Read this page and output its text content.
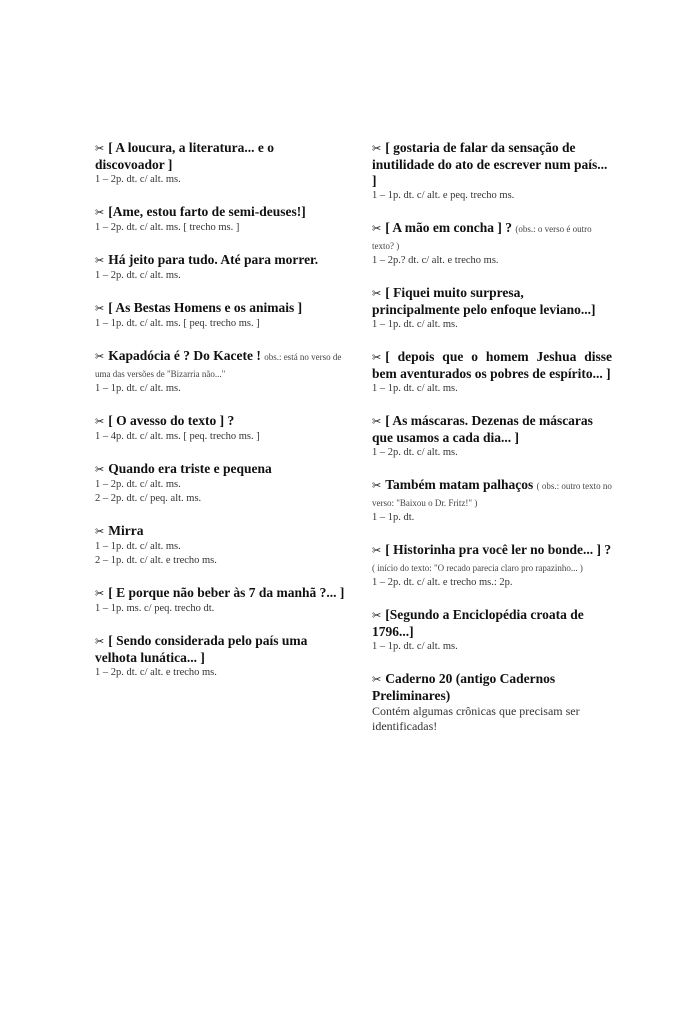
✂ [ A loucura, a literatura... e o discovoador ]
1 – 2p. dt. c/ alt. ms.
✂ [Ame, estou farto de semi-deuses!]
1 – 2p. dt. c/ alt. ms. [ trecho ms. ]
✂ Há jeito para tudo. Até para morrer.
1 – 2p. dt. c/ alt. ms.
✂ [ As Bestas Homens e os animais ]
1 – 1p. dt. c/ alt. ms. [ peq. trecho ms. ]
✂ Kapadócia é ? Do Kacete ! obs.: está no verso de uma das versões de "Bizarria não..."
1 – 1p. dt. c/ alt. ms.
✂ [ O avesso do texto ] ?
1 – 4p. dt. c/ alt. ms. [ peq. trecho ms. ]
✂ Quando era triste e pequena
1 – 2p. dt. c/ alt. ms.
2 – 2p. dt. c/ peq. alt. ms.
✂ Mirra
1 – 1p. dt. c/ alt. ms.
2 – 1p. dt. c/ alt. e trecho ms.
✂ [ E porque não beber às 7 da manhã ?... ]
1 – 1p. ms. c/ peq. trecho dt.
✂ [ Sendo considerada pelo país uma velhota lunática... ]
1 – 2p. dt. c/ alt. e trecho ms.
✂ [ gostaria de falar da sensação de inutilidade do ato de escrever num país... ]
1 – 1p. dt. c/ alt. e peq. trecho ms.
✂ [ A mão em concha ] ? (obs.: o verso é outro texto? )
1 – 2p.? dt. c/ alt. e trecho ms.
✂ [ Fiquei muito surpresa, principalmente pelo enfoque leviano...]
1 – 1p. dt. c/ alt. ms.
✂ [ depois que o homem Jeshua disse bem aventurados os pobres de espírito... ]
1 – 1p. dt. c/ alt. ms.
✂ [ As máscaras. Dezenas de máscaras que usamos a cada dia... ]
1 – 2p. dt. c/ alt. ms.
✂ Também matam palhaços ( obs.: outro texto no verso: "Baixou o Dr. Fritz!" )
1 – 1p. dt.
✂ [ Historinha pra você ler no bonde... ] ? ( início do texto: "O recado parecia claro pro rapazinho... )
1 – 2p. dt. c/ alt. e trecho ms.: 2p.
✂ [Segundo a Enciclopédia croata de 1796...]
1 – 1p. dt. c/ alt. ms.
✂ Caderno 20 (antigo Cadernos Preliminares)
Contém algumas crônicas que precisam ser identificadas!
